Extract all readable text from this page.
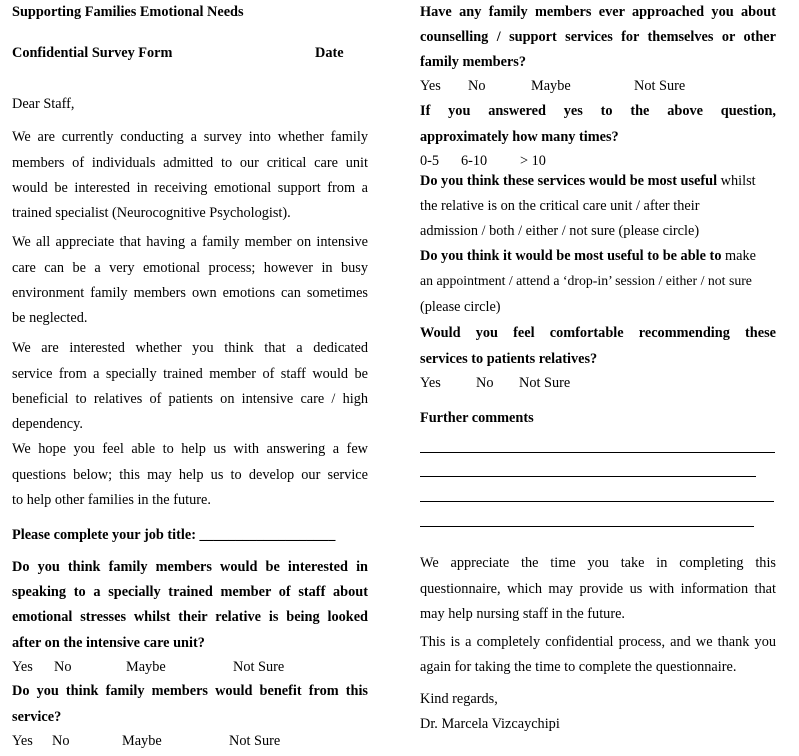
Supporting Families Emotional Needs
Confidential Survey Form	Date
Dear Staff,
We are currently conducting a survey into whether family
members of individuals admitted to our critical care unit
would be interested in receiving emotional support from a
trained specialist (Neurocognitive Psychologist).
We all appreciate that having a family member on intensive
care can be a very emotional process; however in busy
environment family members own emotions can sometimes
be neglected.
We are interested whether you think that a dedicated
service from a specially trained member of staff would be
beneficial to relatives of patients on intensive care / high
dependency.
We hope you feel able to help us with answering a few
questions below; this may help us to develop our service
to help other families in the future.
Please complete your job title: ___________________
Do you think family members would be interested in
speaking to a specially trained member of staff about
emotional stresses whilst their relative is being looked
after on the intensive care unit?
Yes No	Maybe	Not Sure
Do you think family members would benefit from this
service?
Yes No	Maybe	Not Sure
Have any family members ever approached you about
counselling / support services for themselves or other
family members?
Yes No	Maybe	Not Sure
If you answered yes to the above question,
approximately how many times?
0-5 6-10 > 10
Do you think these services would be most useful whilst
the relative is on the critical care unit / after their
admission / both / either / not sure (please circle)
Do you think it would be most useful to be able to make
an appointment / attend a ‘drop-in’ session / either / not sure
(please circle)
Would you feel comfortable recommending these
services to patients relatives?
Yes No Not Sure
Further comments
We appreciate the time you take in completing this
questionnaire, which may provide us with information that
may help nursing staff in the future.
This is a completely confidential process, and we thank you
again for taking the time to complete the questionnaire.
Kind regards,
Dr. Marcela Vizcaychipi
